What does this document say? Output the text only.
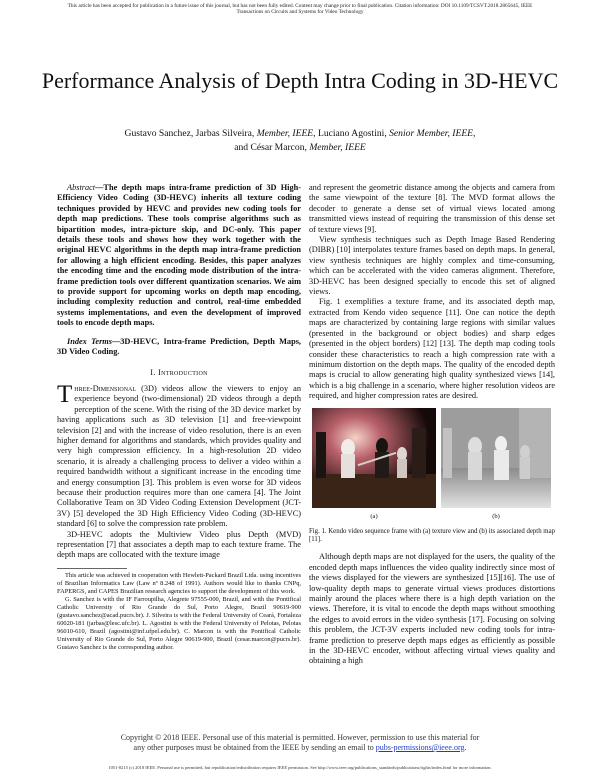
This article has been accepted for publication in a future issue of this journal, but has not been fully edited. Content may change prior to final publication. Citation information: DOI 10.1109/TCSVT.2018.2865645, IEEE
Transactions on Circuits and Systems for Video Technology
Performance Analysis of Depth Intra Coding in 3D-HEVC
Gustavo Sanchez, Jarbas Silveira, Member, IEEE, Luciano Agostini, Senior Member, IEEE,
and César Marcon, Member, IEEE

Abstract—The depth maps intra-frame prediction of 3D High-Efficiency Video Coding (3D-HEVC) inherits all texture coding techniques provided by HEVC and provides new coding tools for depth map predictions. These tools comprise algorithms such as bipartition modes, intra-picture skip, and DC-only. This paper details these tools and shows how they work together with the original HEVC algorithms in the depth map intra-frame prediction for allowing a high efficient encoding. Besides, this paper analyzes the encoding time and the encoding mode distribution of the intra-frame prediction tools over different quantization scenarios. We aim to provide support for upcoming works on depth map encoding, including complexity reduction and control, real-time embedded systems implementations, and even the development of improved tools to encode depth maps.

Index Terms—3D-HEVC, Intra-frame Prediction, Depth Maps, 3D Video Coding.

I. Introduction

Three-Dimensional (3D) videos allow the viewers to enjoy an experience beyond (two-dimensional) 2D videos through a depth perception of the scene. With the rising of the 3D device market by having applications such as 3D television [1] and free-viewpoint television [2] and with the increase of video resolution, there is an even higher demand for algorithms and standards, which provides quality and very high compression efficiency. In a high-resolution 2D video scenario, it is already a challenging process to deliver a video within a required bandwidth without a significant increase in the encoding time and energy consumption [3]. This problem is even worse for 3D videos because their production requires more than one camera [4]. The Joint Collaborative Team on 3D Video Coding Extension Development (JCT-3V) [5] developed the 3D High Efficiency Video Coding (3D-HEVC) standard [6] to solve the compression rate problem.

3D-HEVC adopts the Multiview Video plus Depth (MVD) representation [7] that associates a depth map to each texture frame. The depth maps are collocated with the texture image

This article was achieved in cooperation with Hewlett-Packard Brazil Ltda. using incentives of Brazilian Informatics Law (Law nº 8.248 of 1991). Authors would like to thanks CNPq, FAPERGS, and CAPES Brazilian research agencies to support the development of this work.

G. Sanchez is with the IF Farroupilha, Alegrete 97555-000, Brazil, and with the Pontifical Catholic University of Rio Grande do Sul, Porto Alegre, Brazil 90619-900 (gustavo.sanchez@acad.pucrs.br). J. Silveira is with the Federal University of Ceará, Fortaleza 60020-181 (jarbas@lesc.ufc.br). L. Agostini is with the Federal University of Pelotas, Pelotas 96010-610, Brazil (agostini@inf.ufpel.edu.br). C. Marcon is with the Pontifical Catholic University of Rio Grande do Sul, Porto Alegre 90619-900, Brazil (cesar.marcon@pucrs.br). Gustavo Sanchez is the corresponding author.

and represent the geometric distance among the objects and camera from the same viewpoint of the texture [8]. The MVD format allows the decoder to generate a dense set of virtual views located among transmitted views instead of requiring the transmission of this dense set of texture views [9].

View synthesis techniques such as Depth Image Based Rendering (DIBR) [10] interpolates texture frames based on depth maps. In general, view synthesis techniques are highly complex and time-consuming, which can be accelerated with the video cameras alignment. Therefore, 3D-HEVC has been designed specially to encode this set of aligned views.

Fig. 1 exemplifies a texture frame, and its associated depth map, extracted from Kendo video sequence [11]. One can notice the depth maps are characterized by containing large regions with similar values (presented in the background or object bodies) and sharp edges (presented in the object borders) [12] [13]. The depth map coding tools consider these characteristics to reach a high compression rate with a minimum distortion on the depth maps. The quality of the encoded depth maps is crucial to allow generating high quality synthesized views [14], which is a big challenge in a scenario, where higher resolution videos are required, and higher compression rates are desired.

(a)	(b)

Fig. 1. Kendo video sequence frame with (a) texture view and (b) its associated depth map [11].

Although depth maps are not displayed for the users, the quality of the encoded depth maps influences the video quality indirectly since most of the views displayed for the viewers are synthesized [15][16]. The use of low-quality depth maps to generate virtual views produces distortions mainly around the places where there is a high depth variation on the views. Therefore, it is vital to encode the depth maps without smoothing the edges to avoid errors in the video synthesis [17]. Focusing on solving this problem, the JCT-3V experts included new coding tools for intra-frame prediction to preserve depth maps edges as efficiently as possible in the 3D-HEVC encoder, without affecting virtual views quality and obtaining a high

Copyright © 2018 IEEE. Personal use of this material is permitted. However, permission to use this material for
any other purposes must be obtained from the IEEE by sending an email to pubs-permissions@ieee.org.
1051-8215 (c) 2018 IEEE. Personal use is permitted, but republication/redistribution requires IEEE permission. See http://www.ieee.org/publications_standards/publications/rights/index.html for more information.
